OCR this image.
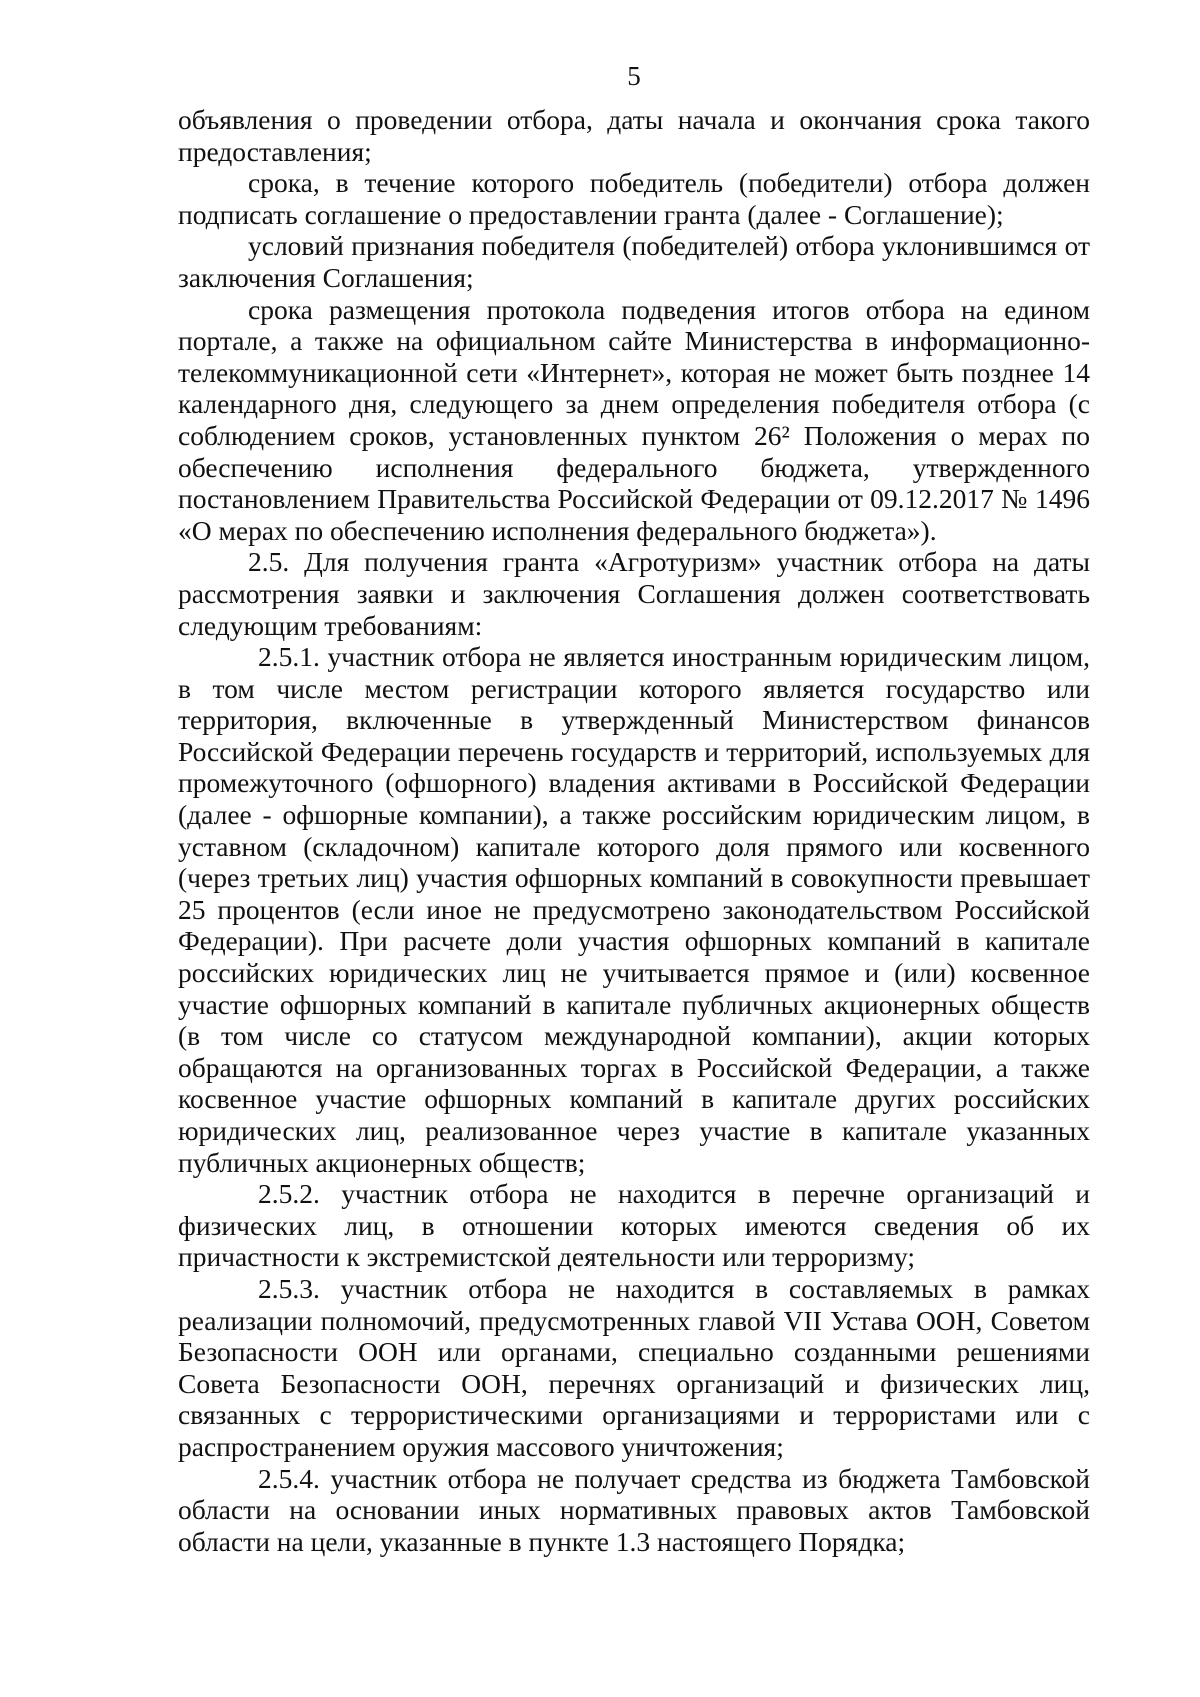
5

объявления о проведении отбора, даты начала и окончания срока такого предоставления;

срока, в течение которого победитель (победители) отбора должен подписать соглашение о предоставлении гранта (далее - Соглашение);

условий признания победителя (победителей) отбора уклонившимся от заключения Соглашения;

срока размещения протокола подведения итогов отбора на едином портале, а также на официальном сайте Министерства в информационно-телекоммуникационной сети «Интернет», которая не может быть позднее 14 календарного дня, следующего за днем определения победителя отбора (с соблюдением сроков, установленных пунктом 26² Положения о мерах по обеспечению исполнения федерального бюджета, утвержденного постановлением Правительства Российской Федерации от 09.12.2017 № 1496 «О мерах по обеспечению исполнения федерального бюджета»).

2.5. Для получения гранта «Агротуризм» участник отбора на даты рассмотрения заявки и заключения Соглашения должен соответствовать следующим требованиям:

2.5.1. участник отбора не является иностранным юридическим лицом, в том числе местом регистрации которого является государство или территория, включенные в утвержденный Министерством финансов Российской Федерации перечень государств и территорий, используемых для промежуточного (офшорного) владения активами в Российской Федерации (далее - офшорные компании), а также российским юридическим лицом, в уставном (складочном) капитале которого доля прямого или косвенного (через третьих лиц) участия офшорных компаний в совокупности превышает 25 процентов (если иное не предусмотрено законодательством Российской Федерации). При расчете доли участия офшорных компаний в капитале российских юридических лиц не учитывается прямое и (или) косвенное участие офшорных компаний в капитале публичных акционерных обществ (в том числе со статусом международной компании), акции которых обращаются на организованных торгах в Российской Федерации, а также косвенное участие офшорных компаний в капитале других российских юридических лиц, реализованное через участие в капитале указанных публичных акционерных обществ;

2.5.2. участник отбора не находится в перечне организаций и физических лиц, в отношении которых имеются сведения об их причастности к экстремистской деятельности или терроризму;

2.5.3. участник отбора не находится в составляемых в рамках реализации полномочий, предусмотренных главой VII Устава ООН, Советом Безопасности ООН или органами, специально созданными решениями Совета Безопасности ООН, перечнях организаций и физических лиц, связанных с террористическими организациями и террористами или с распространением оружия массового уничтожения;

2.5.4. участник отбора не получает средства из бюджета Тамбовской области на основании иных нормативных правовых актов Тамбовской области на цели, указанные в пункте 1.3 настоящего Порядка;
